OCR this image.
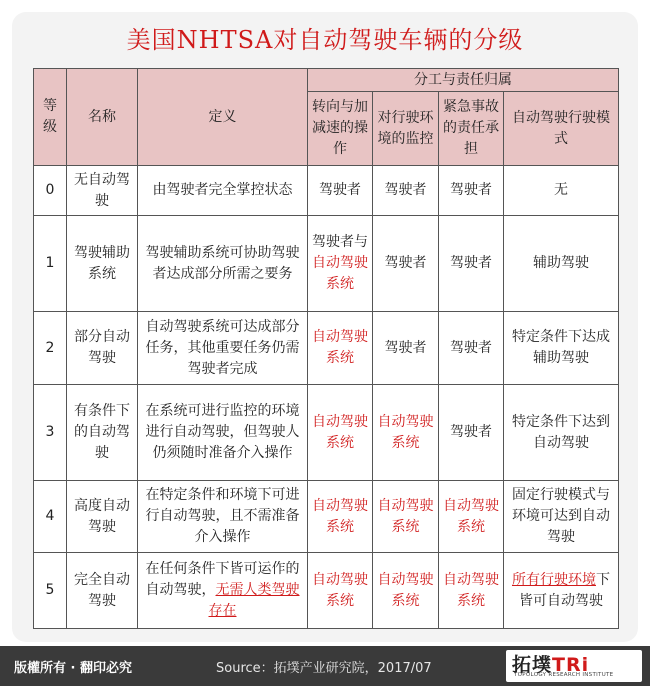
美国NHTSA对自动驾驶车辆的分级
等级	名称	定义	分工与责任归属			
			转向与加减速的操作	对行驶环境的监控	紧急事故的责任承担	自动驾驶行驶模式
0	无自动驾驶	由驾驶者完全掌控状态	驾驶者	驾驶者	驾驶者	无
1	驾驶辅助系统	驾驶辅助系统可协助驾驶者达成部分所需之要务	驾驶者与自动驾驶系统	驾驶者	驾驶者	辅助驾驶
2	部分自动驾驶	自动驾驶系统可达成部分任务，其他重要任务仍需驾驶者完成	自动驾驶系统	驾驶者	驾驶者	特定条件下达成辅助驾驶
3	有条件下的自动驾驶	在系统可进行监控的环境进行自动驾驶，但驾驶人仍须随时准备介入操作	自动驾驶系统	自动驾驶系统	驾驶者	特定条件下达到自动驾驶
4	高度自动驾驶	在特定条件和环境下可进行自动驾驶，且不需准备介入操作	自动驾驶系统	自动驾驶系统	自动驾驶系统	固定行驶模式与环境可达到自动驾驶
5	完全自动驾驶	在任何条件下皆可运作的自动驾驶，无需人类驾驶存在	自动驾驶系统	自动驾驶系统	自动驾驶系统	所有行驶环境下皆可自动驾驶
版權所有 · 翻印必究	Source：拓墣产业研究院，2017/07	拓墣TRi
TOPOLOGY RESEARCH INSTITUTE
